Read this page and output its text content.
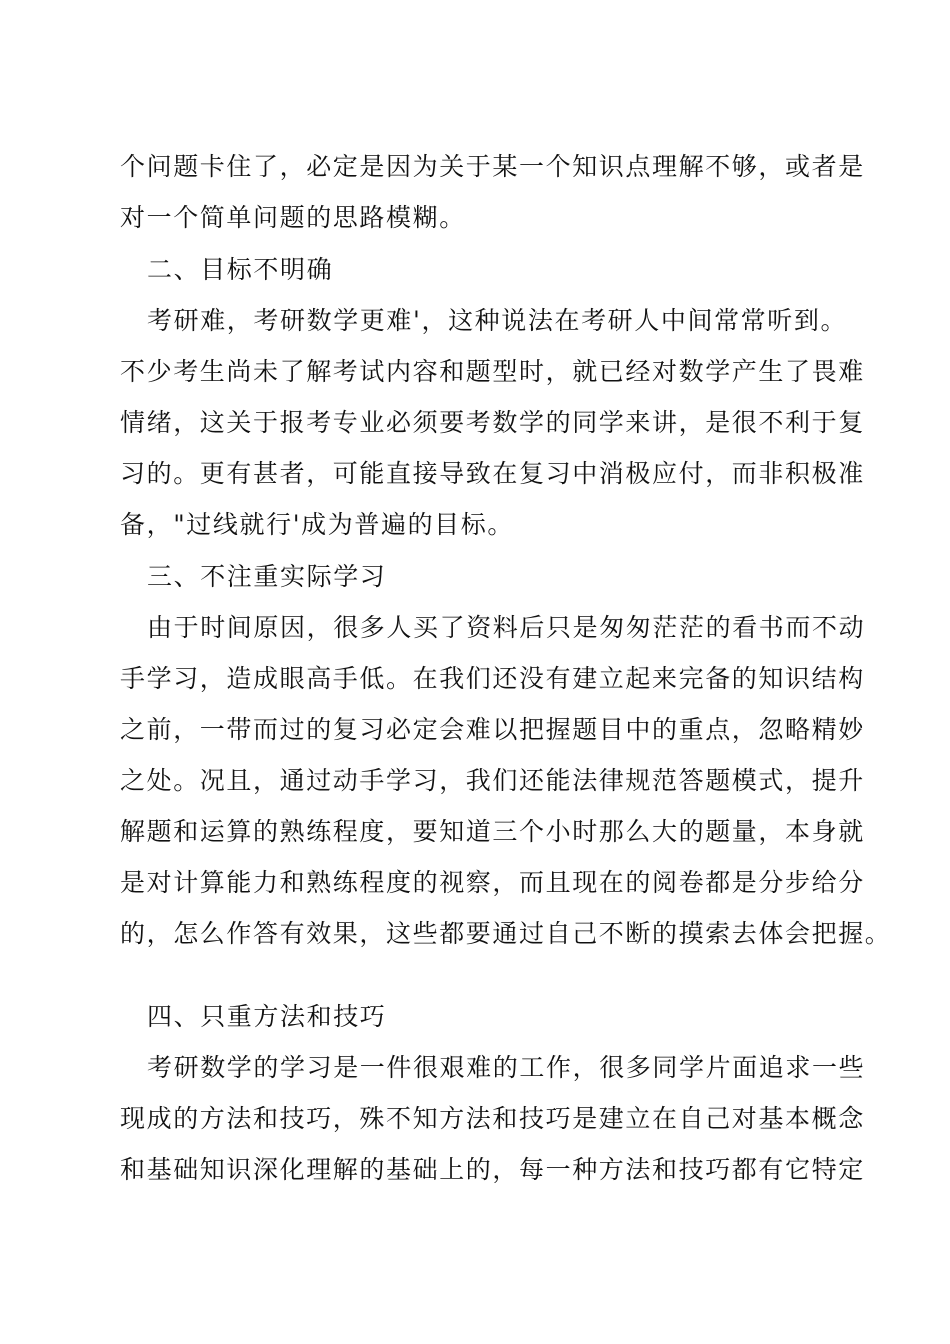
个问题卡住了，必定是因为关于某一个知识点理解不够，或者是
对一个简单问题的思路模糊。
二、目标不明确
考研难，考研数学更难'，这种说法在考研人中间常常听到。
不少考生尚未了解考试内容和题型时，就已经对数学产生了畏难
情绪，这关于报考专业必须要考数学的同学来讲，是很不利于复
习的。更有甚者，可能直接导致在复习中消极应付，而非积极准
备，"过线就行'成为普遍的目标。
三、不注重实际学习
由于时间原因，很多人买了资料后只是匆匆茫茫的看书而不动
手学习，造成眼高手低。在我们还没有建立起来完备的知识结构
之前，一带而过的复习必定会难以把握题目中的重点，忽略精妙
之处。况且，通过动手学习，我们还能法律规范答题模式，提升
解题和运算的熟练程度，要知道三个小时那么大的题量，本身就
是对计算能力和熟练程度的视察，而且现在的阅卷都是分步给分
的，怎么作答有效果，这些都要通过自己不断的摸索去体会把握。
四、只重方法和技巧
考研数学的学习是一件很艰难的工作，很多同学片面追求一些
现成的方法和技巧，殊不知方法和技巧是建立在自己对基本概念
和基础知识深化理解的基础上的，每一种方法和技巧都有它特定
